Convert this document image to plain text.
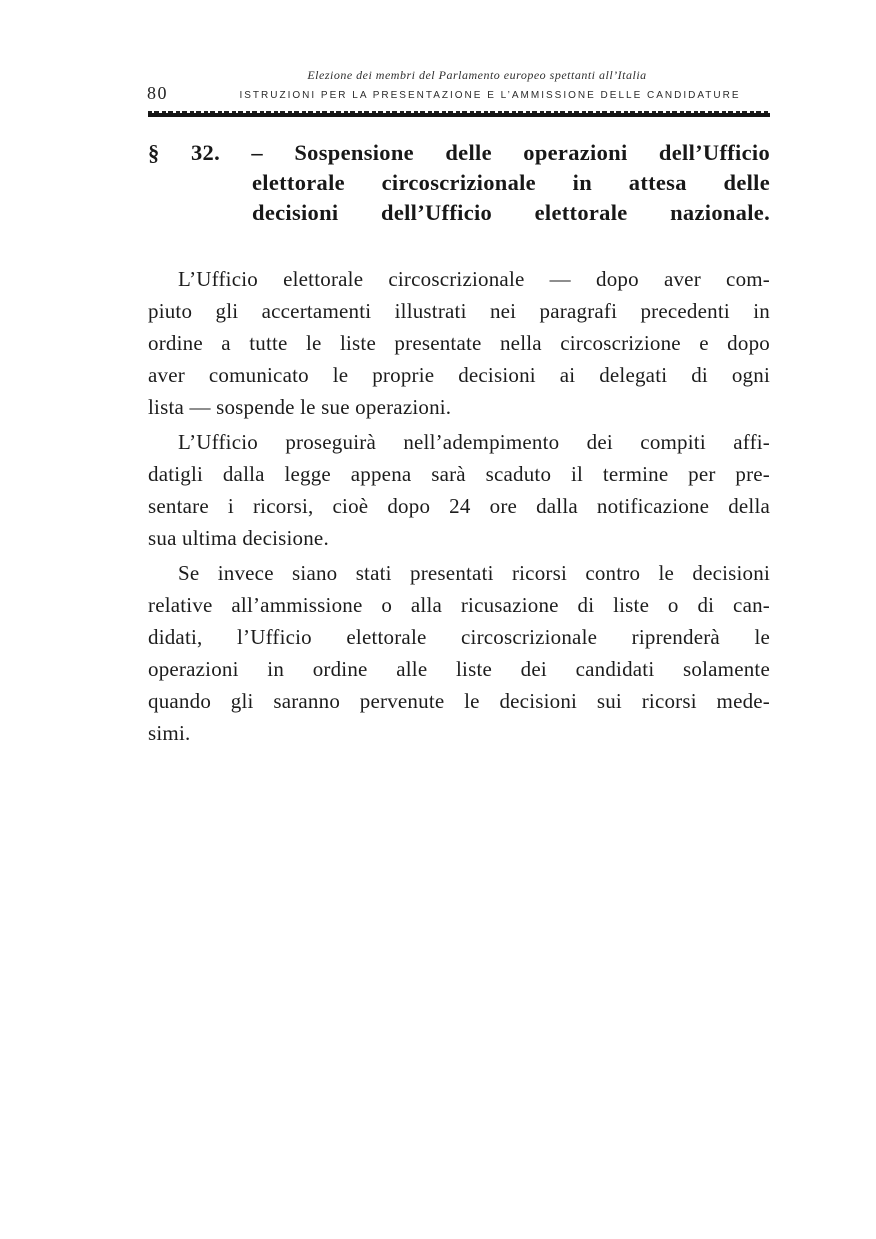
Elezione dei membri del Parlamento europeo spettanti all’Italia
80	ISTRUZIONI PER LA PRESENTAZIONE E L’AMMISSIONE DELLE CANDIDATURE
§ 32. – Sospensione delle operazioni dell’Ufficio
elettorale circoscrizionale in attesa delle
decisioni dell’Ufficio elettorale nazionale.
L’Ufficio elettorale circoscrizionale — dopo aver com-
piuto gli accertamenti illustrati nei paragrafi precedenti in
ordine a tutte le liste presentate nella circoscrizione e dopo
aver comunicato le proprie decisioni ai delegati di ogni
lista — sospende le sue operazioni.
L’Ufficio proseguirà nell’adempimento dei compiti affi-
datigli dalla legge appena sarà scaduto il termine per pre-
sentare i ricorsi, cioè dopo 24 ore dalla notificazione della
sua ultima decisione.
Se invece siano stati presentati ricorsi contro le decisioni
relative all’ammissione o alla ricusazione di liste o di can-
didati, l’Ufficio elettorale circoscrizionale riprenderà le
operazioni in ordine alle liste dei candidati solamente
quando gli saranno pervenute le decisioni sui ricorsi mede-
simi.
